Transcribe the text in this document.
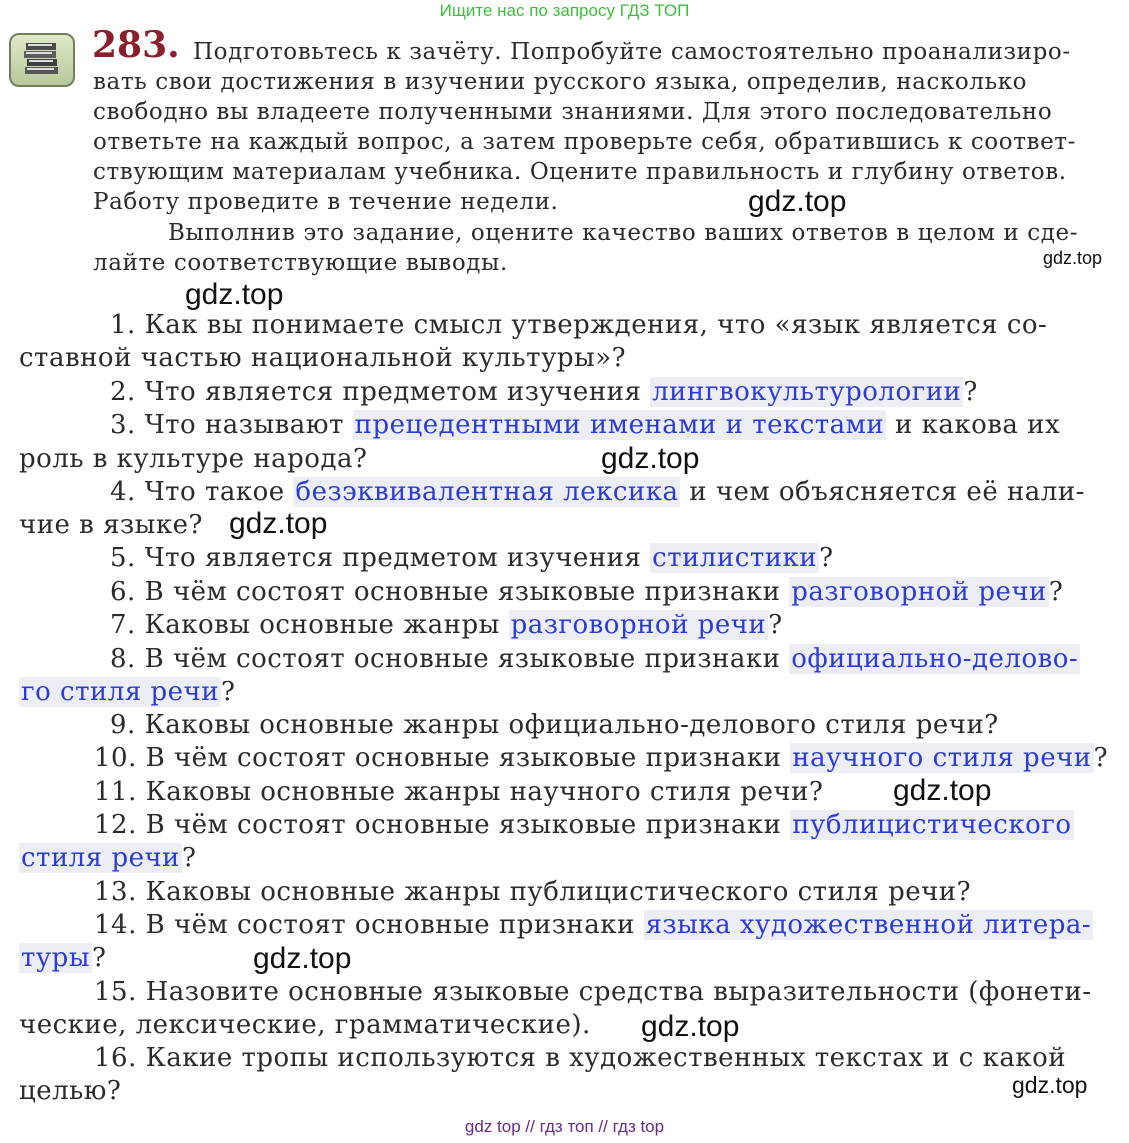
Ищите нас по запросу ГДЗ ТОП
283. Подготовьтесь к зачёту. Попробуйте самостоятельно проанализиро-
вать свои достижения в изучении русского языка, определив, насколько
свободно вы владеете полученными знаниями. Для этого последовательно
ответьте на каждый вопрос, а затем проверьте себя, обратившись к соответ-
ствующим материалам учебника. Оцените правильность и глубину ответов.
Работу проведите в течение недели.
Выполнив это задание, оцените качество ваших ответов в целом и сде-
лайте соответствующие выводы.
1. Как вы понимаете смысл утверждения, что «язык является со-
ставной частью национальной культуры»?
2. Что является предметом изучения лингвокультурологии?
3. Что называют прецедентными именами и текстами и какова их
роль в культуре народа?
4. Что такое безэквивалентная лексика и чем объясняется её нали-
чие в языке?
5. Что является предметом изучения стилистики?
6. В чём состоят основные языковые признаки разговорной речи?
7. Каковы основные жанры разговорной речи?
8. В чём состоят основные языковые признаки официально-делово-
го стиля речи?
9. Каковы основные жанры официально-делового стиля речи?
10. В чём состоят основные языковые признаки научного стиля речи?
11. Каковы основные жанры научного стиля речи?
12. В чём состоят основные языковые признаки публицистического
стиля речи?
13. Каковы основные жанры публицистического стиля речи?
14. В чём состоят основные признаки языка художественной литера-
туры?
15. Назовите основные языковые средства выразительности (фонети-
ческие, лексические, грамматические).
16. Какие тропы используются в художественных текстах и с какой
целью?
gdz.top
gdz.top
gdz.top
gdz.top
gdz.top
gdz.top
gdz.top
gdz.top
gdz.top
gdz top // гдз топ // гдз top
